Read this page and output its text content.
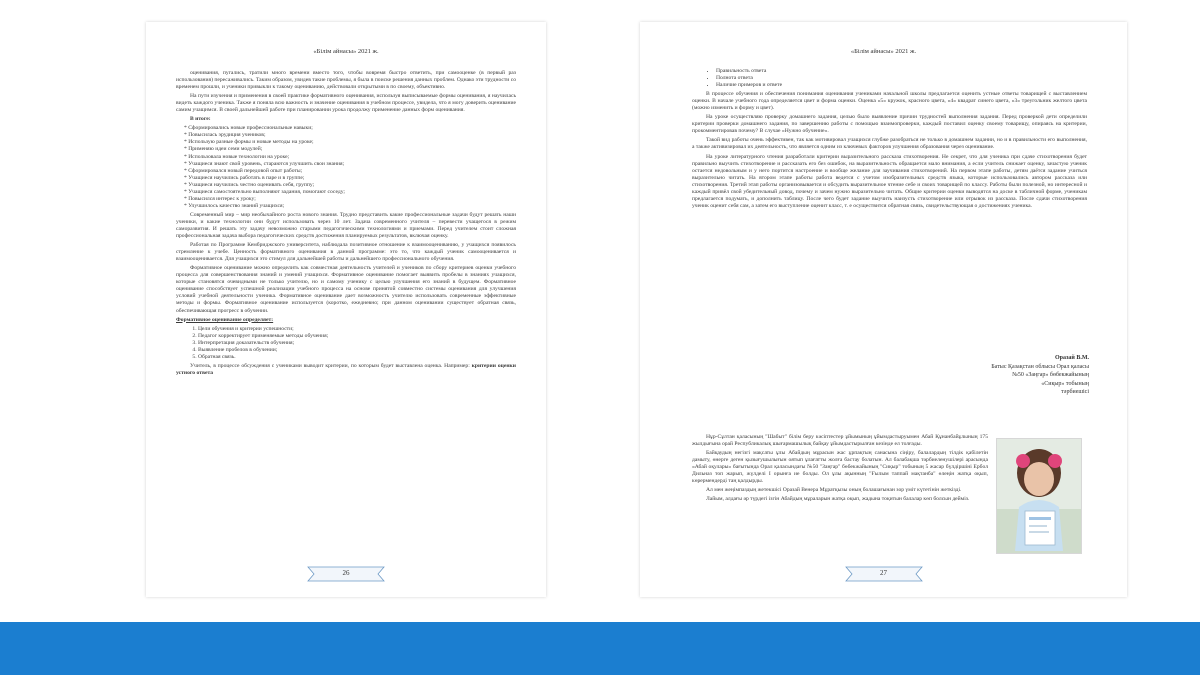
«Білім айнасы» 2021 ж.

оценивания, пугались, тратили много времени вместо того, чтобы вовремя быстро ответить, при самооценке (в первый раз использования) пересаживались. Таким образом, увидев такие проблемы, я была в поиске решения данных проблем. Однако эти трудности со временем прошли, и ученики привыкли к такому оцениванию, действовали открытыми в по своему, объективно.

На пути изучения и применения в своей практике формативного оценивания, используя выписываемые формы оценивания, я научилась видеть каждого ученика. Также я поняла всю важность и значение оценивания в учебном процессе, увидела, что я могу доверить оценивание самим учащимся. В своей дальнейшей работе при планировании урока продолжу применение данных форм оценивания.

В итоге:

* Сформировались новые профессиональные навыки;
* Повысилась эрудиция учеников;
* Использую разные формы и новые методы на уроке;
* Применяю идеи семи модулей;
* Использовала новые технологии на уроке;
* Учащиеся знают свой уровень, стараются улучшить свои знания;
* Сформировался новый передовой опыт работы;
* Учащиеся научились работать в паре и в группе;
* Учащиеся научились честно оценивать себя, группу;
* Учащиеся самостоятельно выполняют задания, помогают соседу;
* Повысился интерес к уроку;
* Улучшилось качество знаний учащихся;

Современный мир – мир необычайного роста нового знания. Трудно представить какие профессиональные задачи будут решать наши ученики, и какие технологии они будут использовать через 10 лет. Задача современного учителя – перевести учащегося в режим саморазвития. И решать эту задачу невозможно старыми педагогическими технологиями и приемами. Перед учителем стоит сложная профессиональная задача выбора педагогических средств достижения планируемых результатов, включая оценку.

Работая по Программе Кембриджского университета, наблюдала позитивное отношение к взаимооцениванию, у учащихся появилось стремление к учебе. Ценность формативного оценивания в данной программе: это то, что каждый ученик самооценивается и взаимооценивается. Для учащихся это стимул для дальнейшей работы и дальнейшего профессионального обучения.

Формативное оценивание можно определить как совместная деятельность учителей и учеников по сбору критериев оценки учебного процесса для совершенствования знаний и умений учащихся. Формативное оценивание помогает выявить пробелы в знаниях учащихся, которые становятся очевидными не только учителю, но и самому ученику с целью улучшения его знаний в будущем. Формативное оценивание способствует успешной реализации учебного процесса на основе принятой совместно системы оценивания для улучшения условий учебной деятельности ученика. Формативное оценивание дает возможность учителю использовать современные эффективные методы и формы. Формативное оценивание используется (коротко, ежедневно; при данном оценивании существует обратная связь, обеспечивающая прогресс в обучении.

Формативное оценивание определяет:

1. Цели обучения и критерии успешности;
2. Педагог корректирует применяемые методы обучения;
3. Интерпретация доказательств обучения;
4. Выявление пробелов в обучении;
5. Обратная связь.

Учитель, в процессе обсуждения с учениками выводит критерии, по которым будет выставлена оценка. Например: критерии оценки устного ответа

26
«Білім айнасы» 2021 ж.
• Правильность ответа
• Полнота ответа
• Наличие примеров и ответе

В процессе обучения и обеспечения понимания оценивания учениками начальной школы предлагается оценить устные ответы товарищей с выставлением оценки. В начале учебного года определяется цвет и форма оценки. Оценка «5» кружок, красного цвета, «4» квадрат синего цвета, «3» треугольник желтого цвета (можно изменить и форму и цвет).

На уроке осуществляю проверку домашнего задания, целью было выявление причин трудностей выполнения задания. Перед проверкой дети определили критерии проверки домашнего задания, по завершению работы с помощью взаимопроверки, каждый поставил оценку своему товарищу, опираясь на критерии, прокомментировав почему? В случае «Нужно обучение».

Такой вид работы очень эффективен, так как мотивировал учащихся глубже разобраться не только в домашнем задании, но и в правильности его выполнения, а также активизировал их деятельность, что является одним из ключевых факторов улучшения образования через оценивание.

На уроке литературного чтения разработали критерии выразительного рассказа стихотворения. Не секрет, что для ученика при сдаче стихотворения будет правильно выучить стихотворение и рассказать его без ошибок, на выразительность обращается мало внимания, а если учитель снижает оценку, зачастую ученик остается недовольным и у него портится настроение и вообще желание для заучивания стихотворений. На первом этапе работы, детям даётся задание учиться выразительно читать. На втором этапе работы работа ведется с учетом изобразительных средств языка, которые использовались автором рассказа или стихотворения. Третий этап работы организовывается и обсудить выразительное чтение себе и своих товарищей по классу. Работы были полезной, но интересной и каждый привёл свой убедительный довод, почему и зачем нужно выразительно читать. Общие критерии оценки выводятся на доске в табличной форме, ученикам предлагается подумать, и дополнить таблицу. После чего будет задание выучить наизусть стихотворение или отрывок из рассказа. После сдачи стихотворения ученик оценит себя сам, а затем его выступление оценит класс, т. е осуществится обратная связь, свидетельствующая о достижениях ученика.

Оразай В.М.
Батыс Қазақстан облысы Орал қаласы
№50 «Заңгар» бөбекжайының
«Сиқыр» тобының
тәрбиешісі

Нұр-Сұлтан қаласының "Шабыт" білім беру кәсіптестер ұйымының ұйымдастыруымен Абай Құнанбайұлының 175 жылдығына орай Республикалық шығармашылық байқау ұйымдастырылған кезінде ел толғады.

Байқаудың негізгі мақсаты ұлы Абайдың мұрасын жас ұрпақтың санасына сіңіру, балалардың тілдік қабілетін дамыту, өнерге деген қызығушылығын оятып ұлағатты жолға бастау болатын. Ал балабақша тәрбиеленушілері арасында «Абай оқулары» бағытында Орал қаласындағы №50 "Заңгар" бөбекжайының "Сиқыр" тобының 5 жасар бүлдіршіні Ербол Дильназ топ жарып, жүлделі І орынға ие болды. Ол ұлы ақынның "Ғылым таппай мақтанба" өлеңін жатқа оқып, көрермендерді таң қалдырды.

Ал мен жеңімпаздың жетекшісі Оразай Венера Мұратқызы оның болашағынан зор үміт күтетінін жеткізді.

Лайым, алдағы әр түрдегі ізгін Абайдың мұраларын жатқа оқып, жадына тоқитын балалар көп болсын дейміз.

27
